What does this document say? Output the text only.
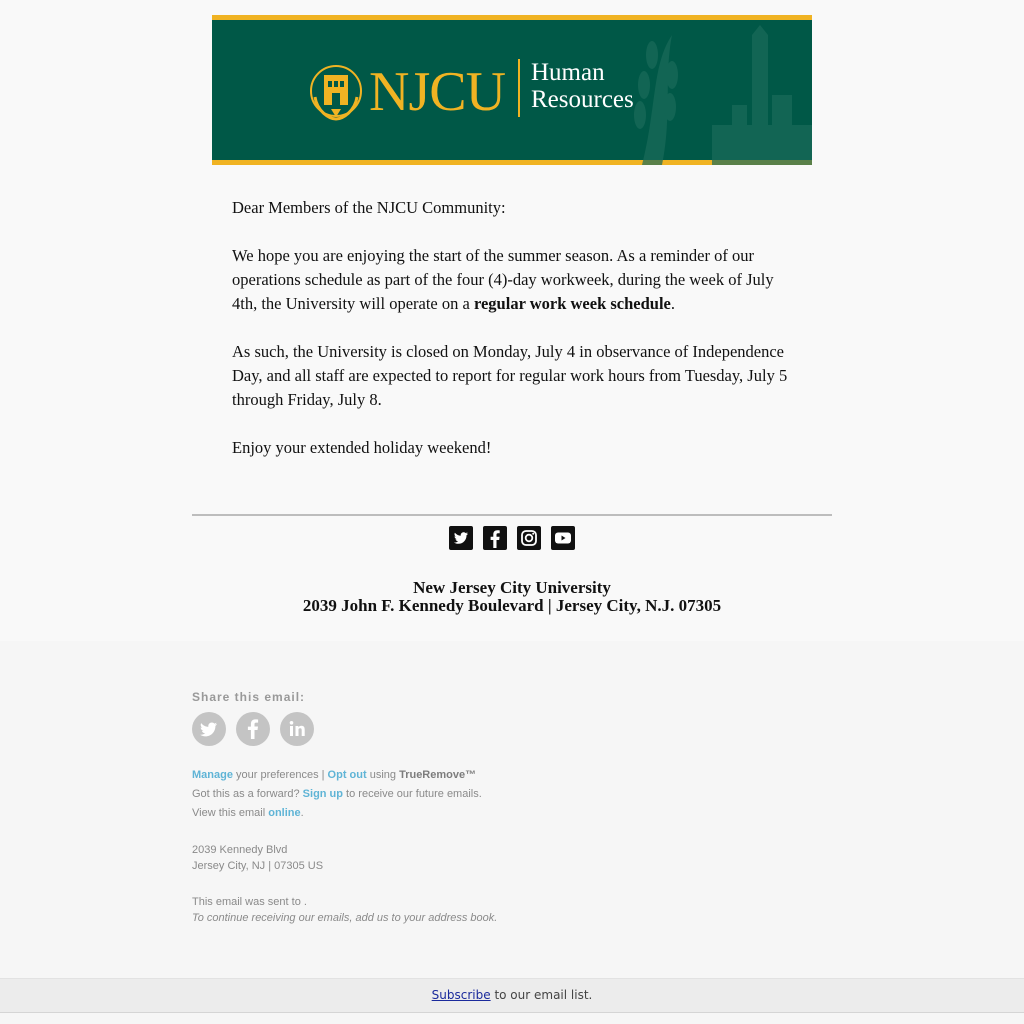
NJCU Human
Resources

Dear Members of the NJCU Community:

We hope you are enjoying the start of the summer season. As a reminder of our operations schedule as part of the four (4)-day workweek, during the week of July 4th, the University will operate on a regular work week schedule.

As such, the University is closed on Monday, July 4 in observance of Independence Day, and all staff are expected to report for regular work hours from Tuesday, July 5 through Friday, July 8.

Enjoy your extended holiday weekend!

New Jersey City University
2039 John F. Kennedy Boulevard | Jersey City, N.J. 07305
Share this email:
Manage your preferences | Opt out using TrueRemove™
Got this as a forward? Sign up to receive our future emails.
View this email online.
2039 Kennedy Blvd
Jersey City, NJ | 07305 US
This email was sent to .
To continue receiving our emails, add us to your address book.
Subscribe to our email list.
